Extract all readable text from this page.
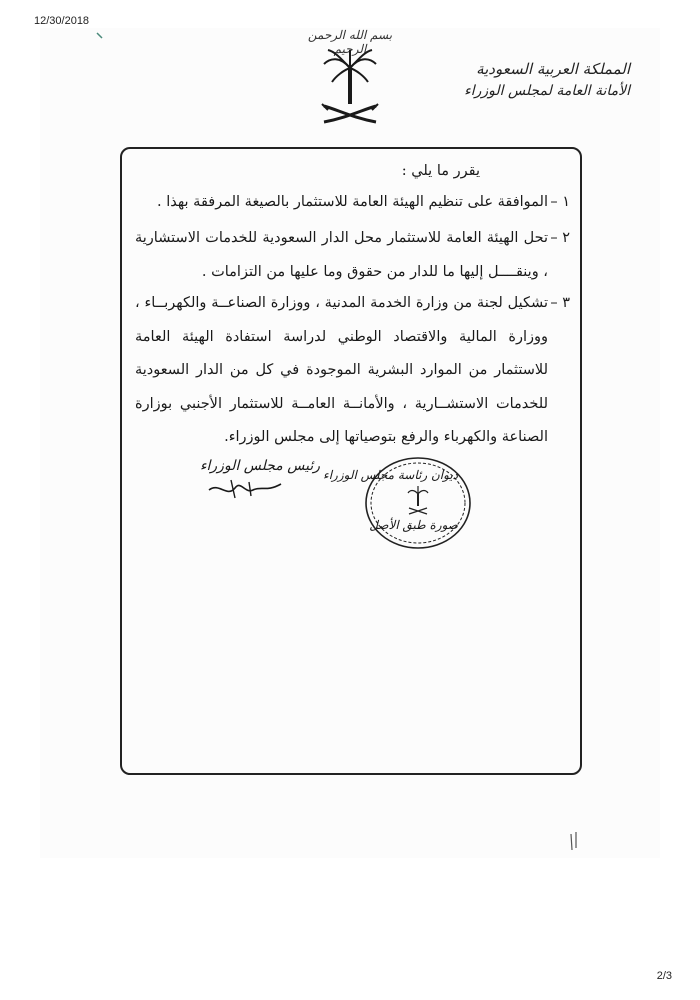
12/30/2018
بسم الله الرحمن الرحيم
المملكة العربية السعودية
الأمانة العامة لمجلس الوزراء
يقرر ما يلي :
١ –
الموافقة على تنظيم الهيئة العامة للاستثمار بالصيغة المرفقة بهذا .
٢ –
تحل الهيئة العامة للاستثمار محل الدار السعودية للخدمات الاستشارية ، وينقــــل إليها ما للدار من حقوق وما عليها من التزامات .
٣ –
تشكيل لجنة من وزارة الخدمة المدنية ، ووزارة الصناعــة والكهربــاء ، ووزارة المالية والاقتصاد الوطني لدراسة استفادة الهيئة العامة للاستثمار من الموارد البشرية الموجودة في كل من الدار السعودية للخدمات الاستشــارية ، والأمانــة العامــة للاستثمار الأجنبي بوزارة الصناعة والكهرباء والرفع بتوصياتها إلى مجلس الوزراء.
رئيس مجلس الوزراء
ديوان رئاسة مجلس الوزراء
صورة طبق الأصل
2/3
